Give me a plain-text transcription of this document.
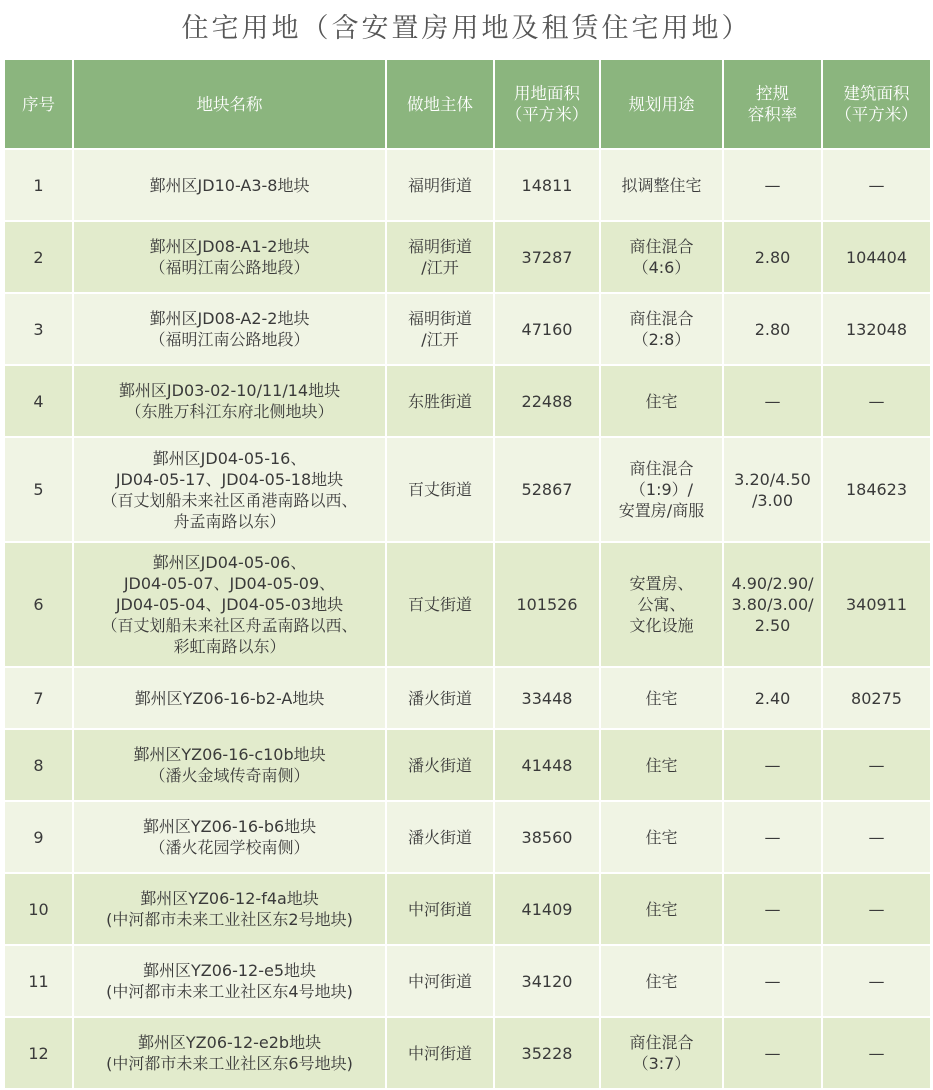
住宅用地（含安置房用地及租赁住宅用地）
序号	地块名称	做地主体	用地面积
（平方米）	规划用途	控规
容积率	建筑面积
（平方米）

1	鄞州区JD10-A3-8地块	福明街道	14811	拟调整住宅	—	—
2	鄞州区JD08-A1-2地块
（福明江南公路地段）	福明街道
/江开	37287	商住混合
（4:6）	2.80	104404
3	鄞州区JD08-A2-2地块
（福明江南公路地段）	福明街道
/江开	47160	商住混合
（2:8）	2.80	132048
4	鄞州区JD03-02-10/11/14地块
（东胜万科江东府北侧地块）	东胜街道	22488	住宅	—	—
5	鄞州区JD04-05-16、
JD04-05-17、JD04-05-18地块
（百丈划船未来社区甬港南路以西、
舟孟南路以东）	百丈街道	52867	商住混合
（1:9）/
安置房/商服	3.20/4.50
/3.00	184623
6	鄞州区JD04-05-06、
JD04-05-07、JD04-05-09、
JD04-05-04、JD04-05-03地块
（百丈划船未来社区舟孟南路以西、
彩虹南路以东）	百丈街道	101526	安置房、
公寓、
文化设施	4.90/2.90/
3.80/3.00/
2.50	340911
7	鄞州区YZ06-16-b2-A地块	潘火街道	33448	住宅	2.40	80275
8	鄞州区YZ06-16-c10b地块
（潘火金域传奇南侧）	潘火街道	41448	住宅	—	—
9	鄞州区YZ06-16-b6地块
（潘火花园学校南侧）	潘火街道	38560	住宅	—	—
10	鄞州区YZ06-12-f4a地块
(中河都市未来工业社区东2号地块)	中河街道	41409	住宅	—	—
11	鄞州区YZ06-12-e5地块
(中河都市未来工业社区东4号地块)	中河街道	34120	住宅	—	—
12	鄞州区YZ06-12-e2b地块
(中河都市未来工业社区东6号地块)	中河街道	35228	商住混合
（3:7）	—	—
